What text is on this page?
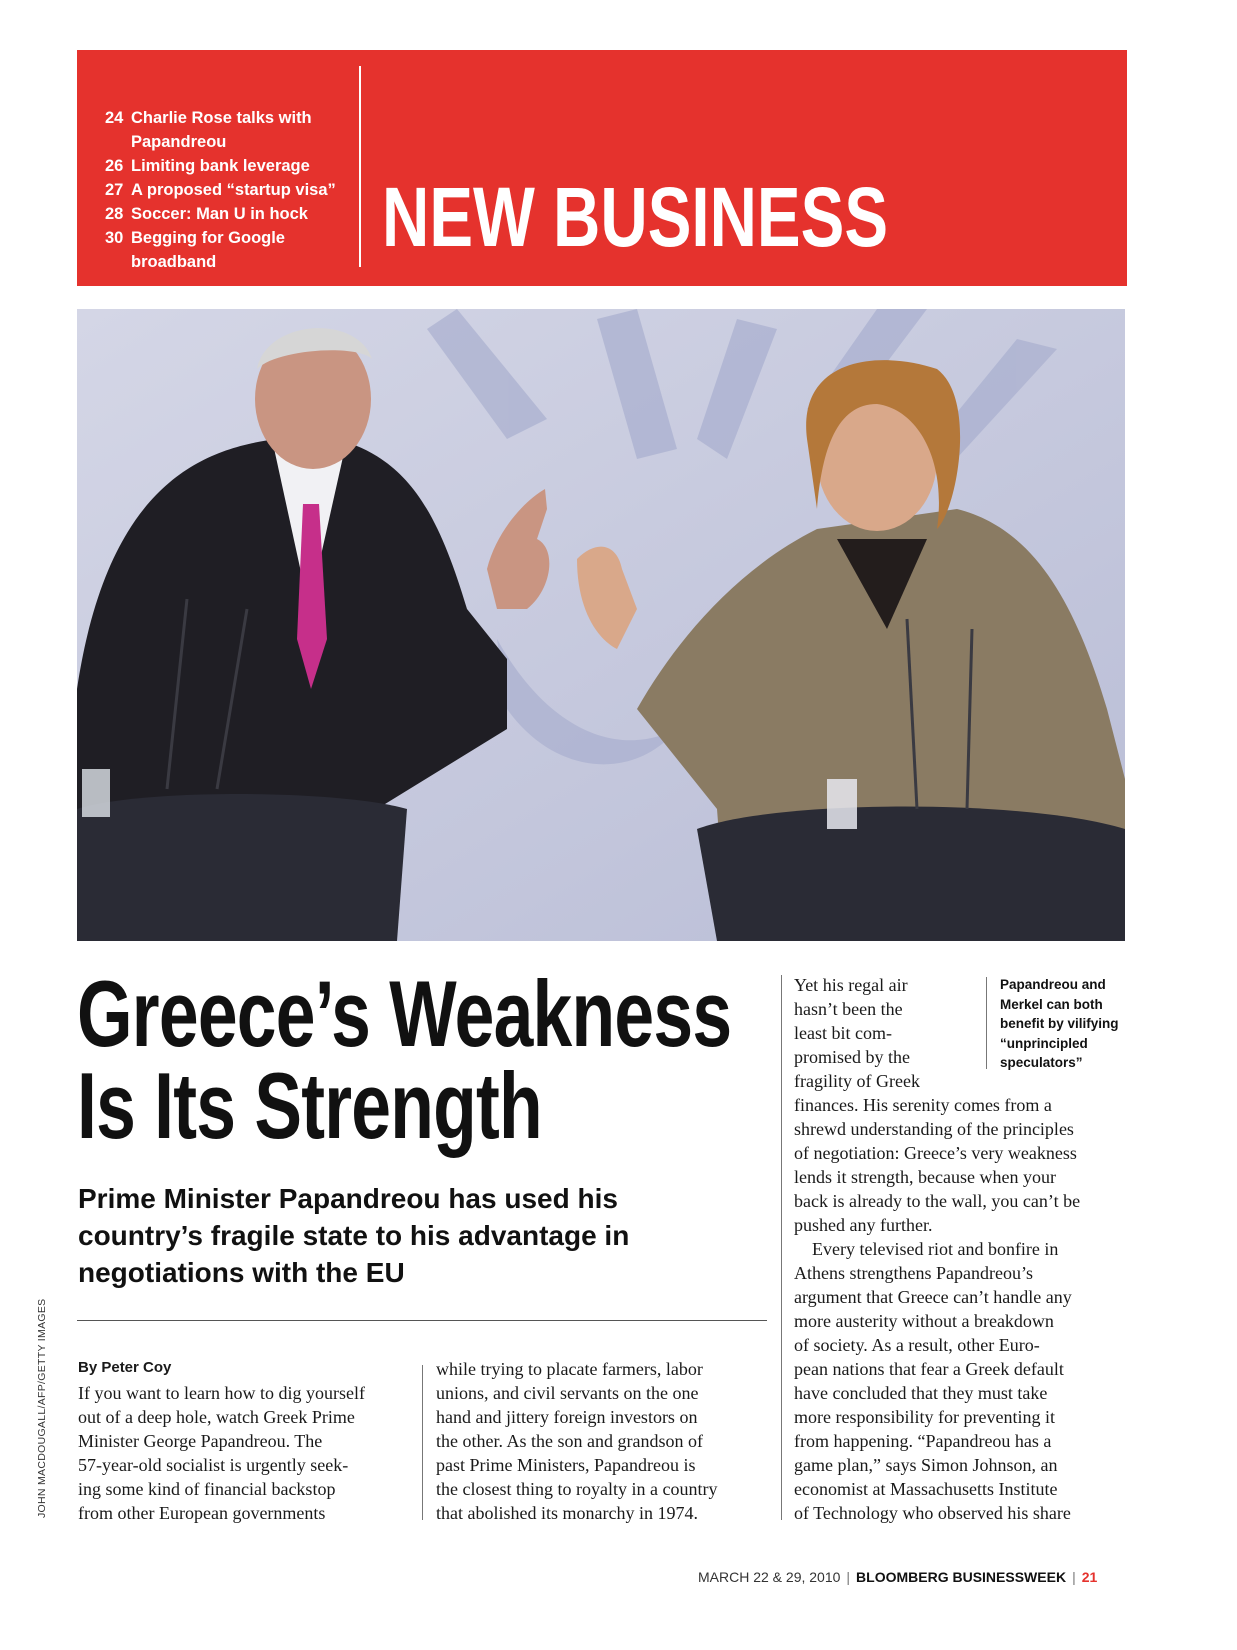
24 Charlie Rose talks with
Papandreou
26 Limiting bank leverage
27 A proposed “startup visa”
28 Soccer: Man U in hock
30 Begging for Google
broadband	NEW BUSINESS
JOHN MACDOUGALL/AFP/GETTY IMAGES
Greece’s Weakness
Is Its Strength
Prime Minister Papandreou has used his
country’s fragile state to his advantage in
negotiations with the EU
By Peter Coy
If you want to learn how to dig yourself
out of a deep hole, watch Greek Prime
Minister George Papandreou. The
57-year-old socialist is urgently seek-
ing some kind of financial backstop
from other European governments
while trying to placate farmers, labor
unions, and civil servants on the one
hand and jittery foreign investors on
the other. As the son and grandson of
past Prime Ministers, Papandreou is
the closest thing to royalty in a country
that abolished its monarchy in 1974.
Yet his regal air
hasn’t been the
least bit com-
promised by the
fragility of Greek
Papandreou and
Merkel can both
benefit by vilifying
“unprincipled
speculators”
finances. His serenity comes from a
shrewd understanding of the principles
of negotiation: Greece’s very weakness
lends it strength, because when your
back is already to the wall, you can’t be
pushed any further.
 Every televised riot and bonfire in
Athens strengthens Papandreou’s
argument that Greece can’t handle any
more austerity without a breakdown
of society. As a result, other Euro-
pean nations that fear a Greek default
have concluded that they must take
more responsibility for preventing it
from happening. “Papandreou has a
game plan,” says Simon Johnson, an
economist at Massachusetts Institute
of Technology who observed his share
MARCH 22 & 29, 2010 | BLOOMBERG BUSINESSWEEK | 21
